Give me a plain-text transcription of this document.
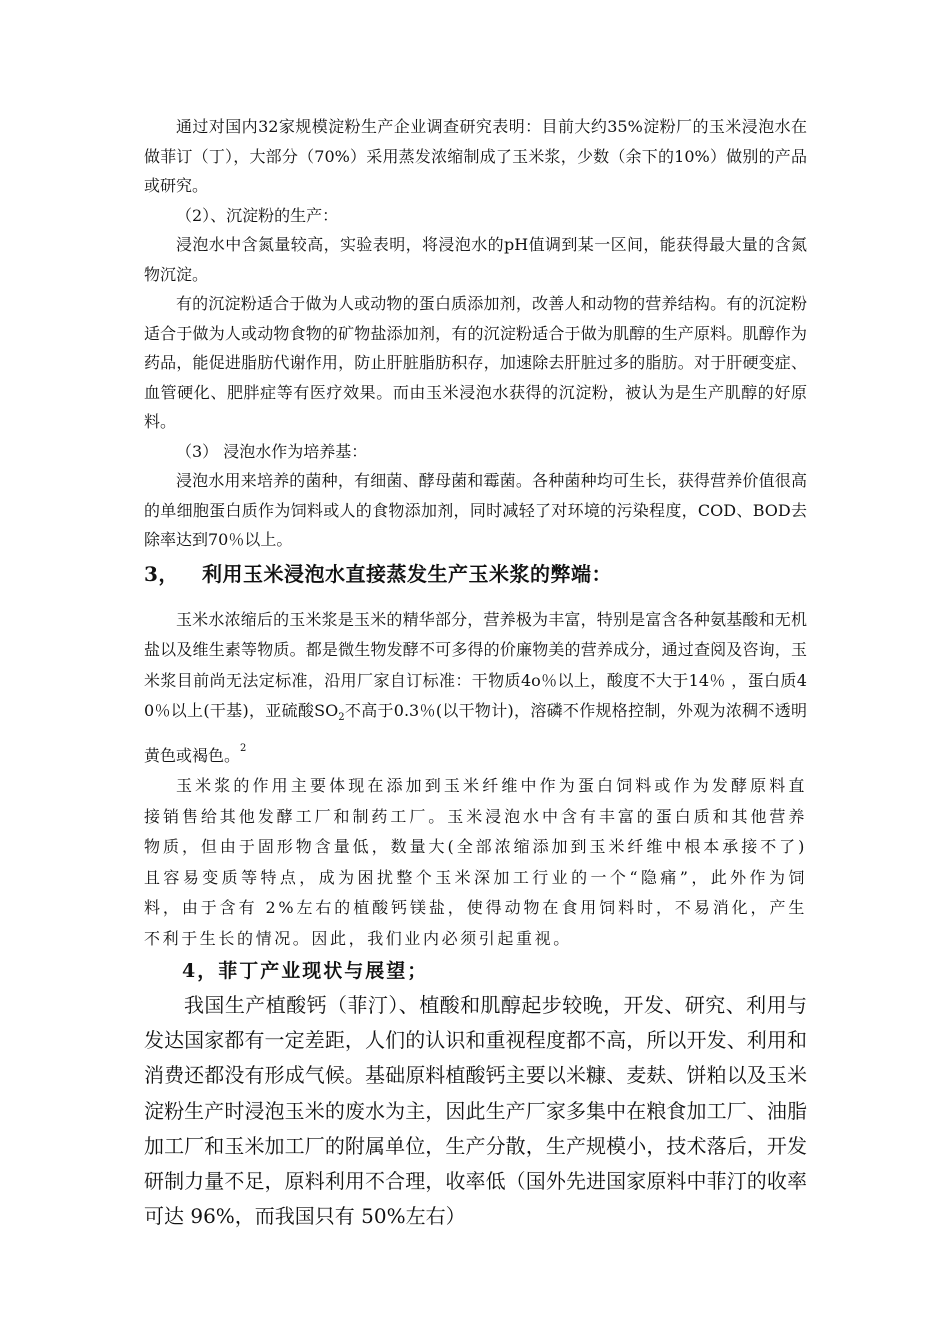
通过对国内32家规模淀粉生产企业调查研究表明：目前大约35%淀粉厂的玉米浸泡水在做菲订（丁），大部分（70%）采用蒸发浓缩制成了玉米浆，少数（余下的10%）做别的产品或研究。

（2）、沉淀粉的生产：

浸泡水中含氮量较高，实验表明，将浸泡水的pH值调到某一区间，能获得最大量的含氮物沉淀。

有的沉淀粉适合于做为人或动物的蛋白质添加剂，改善人和动物的营养结构。有的沉淀粉适合于做为人或动物食物的矿物盐添加剂，有的沉淀粉适合于做为肌醇的生产原料。肌醇作为药品，能促进脂肪代谢作用，防止肝脏脂肪积存，加速除去肝脏过多的脂肪。对于肝硬变症、血管硬化、肥胖症等有医疗效果。而由玉米浸泡水获得的沉淀粉，被认为是生产肌醇的好原料。

（3） 浸泡水作为培养基：

浸泡水用来培养的菌种，有细菌、酵母菌和霉菌。各种菌种均可生长，获得营养价值很高的单细胞蛋白质作为饲料或人的食物添加剂，同时减轻了对环境的污染程度，COD、BOD去除率达到70％以上。

3， 利用玉米浸泡水直接蒸发生产玉米浆的弊端：

玉米水浓缩后的玉米浆是玉米的精华部分，营养极为丰富，特别是富含各种氨基酸和无机盐以及维生素等物质。都是微生物发酵不可多得的价廉物美的营养成分，通过查阅及咨询，玉米浆目前尚无法定标准，沿用厂家自订标准：干物质4o％以上，酸度不大于14％ ，蛋白质40％以上(干基)，亚硫酸$SO_2$不高于0.3％(以干物计)，溶磷不作规格控制，外观为浓稠不透明黄色或褐色。$^2$

玉米浆的作用主要体现在添加到玉米纤维中作为蛋白饲料或作为发酵原料直接销售给其他发酵工厂和制药工厂。玉米浸泡水中含有丰富的蛋白质和其他营养物质，但由于固形物含量低，数量大(全部浓缩添加到玉米纤维中根本承接不了)且容易变质等特点，成为困扰整个玉米深加工行业的一个“隐痛”，此外作为饲料，由于含有 2%左右的植酸钙镁盐，使得动物在食用饲料时，不易消化，产生不利于生长的情况。因此，我们业内必须引起重视。

4，菲丁产业现状与展望；

我国生产植酸钙（菲汀）、植酸和肌醇起步较晚，开发、研究、利用与发达国家都有一定差距，人们的认识和重视程度都不高，所以开发、利用和消费还都没有形成气候。基础原料植酸钙主要以米糠、麦麸、饼粕以及玉米淀粉生产时浸泡玉米的废水为主，因此生产厂家多集中在粮食加工厂、油脂加工厂和玉米加工厂的附属单位，生产分散，生产规模小，技术落后，开发研制力量不足，原料利用不合理，收率低（国外先进国家原料中菲汀的收率可达 96%，而我国只有 50%左右）
